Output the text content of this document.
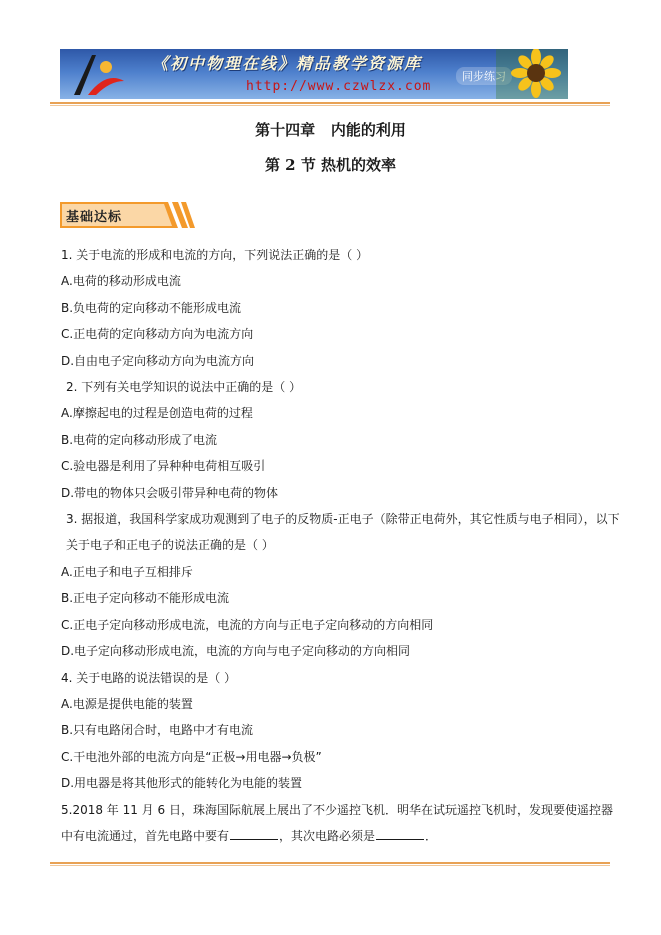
《初中物理在线》精品教学资源库
http://www.czwlzx.com
同步练习
第十四章   内能的利用
第 2 节 热机的效率
基础达标
1. 关于电流的形成和电流的方向，下列说法正确的是（ ）
A.电荷的移动形成电流
B.负电荷的定向移动不能形成电流
C.正电荷的定向移动方向为电流方向
D.自由电子定向移动方向为电流方向
2. 下列有关电学知识的说法中正确的是（ ）
A.摩擦起电的过程是创造电荷的过程
B.电荷的定向移动形成了电流
C.验电器是利用了异种种电荷相互吸引
D.带电的物体只会吸引带异种电荷的物体
3. 据报道，我国科学家成功观测到了电子的反物质-正电子（除带正电荷外，其它性质与电子相同），以下关于电子和正电子的说法正确的是（ ）
A.正电子和电子互相排斥
B.正电子定向移动不能形成电流
C.正电子定向移动形成电流，电流的方向与正电子定向移动的方向相同
D.电子定向移动形成电流，电流的方向与电子定向移动的方向相同
4. 关于电路的说法错误的是（ ）
A.电源是提供电能的装置
B.只有电路闭合时，电路中才有电流
C.干电池外部的电流方向是“正极→用电器→负极”
D.用电器是将其他形式的能转化为电能的装置
5.2018 年 11 月 6 日，珠海国际航展上展出了不少遥控飞机．明华在试玩遥控飞机时，发现要使遥控器中有电流通过，首先电路中要有	，其次电路必须是	．
